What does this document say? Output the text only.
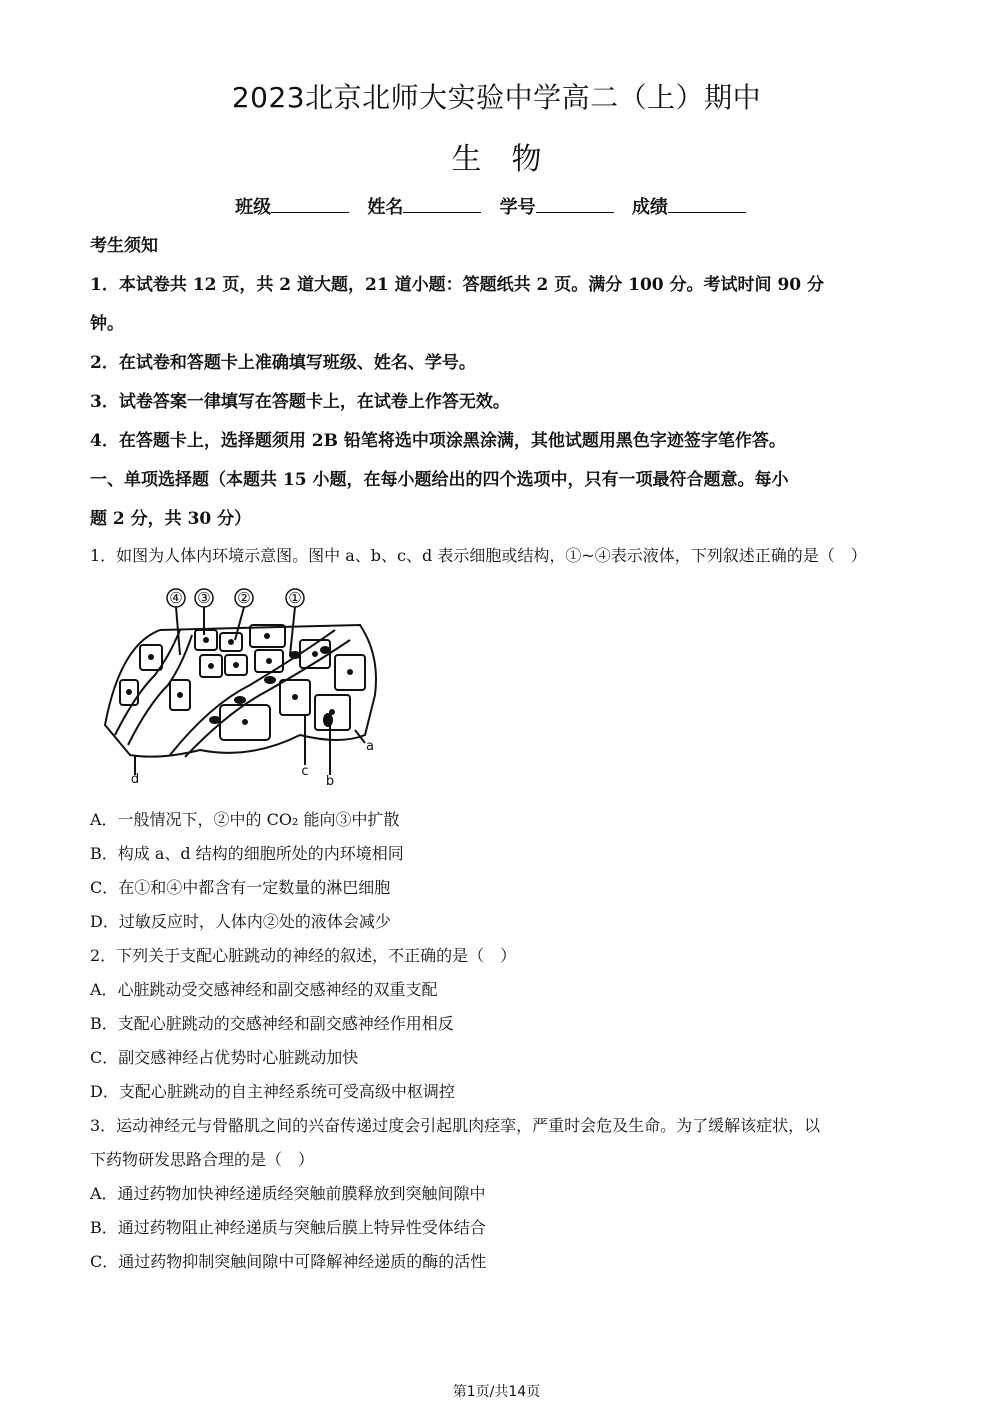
2023北京北师大实验中学高二（上）期中
生　物
班级	姓名	学号	成绩
考生须知
1．本试卷共 12 页，共 2 道大题，21 道小题：答题纸共 2 页。满分 100 分。考试时间 90 分
钟。
2．在试卷和答题卡上准确填写班级、姓名、学号。
3．试卷答案一律填写在答题卡上，在试卷上作答无效。
4．在答题卡上，选择题须用 2B 铅笔将选中项涂黑涂满，其他试题用黑色字迹签字笔作答。
一、单项选择题（本题共 15 小题，在每小题给出的四个选项中，只有一项最符合题意。每小
题 2 分，共 30 分）
1．如图为人体内环境示意图。图中 a、b、c、d 表示细胞或结构，①~④表示液体，下列叙述正确的是（　）
④ ③ ②	①
a
b
c
d
A．一般情况下，②中的 CO₂ 能向③中扩散
B．构成 a、d 结构的细胞所处的内环境相同
C．在①和④中都含有一定数量的淋巴细胞
D．过敏反应时，人体内②处的液体会减少
2．下列关于支配心脏跳动的神经的叙述，不正确的是（　）
A．心脏跳动受交感神经和副交感神经的双重支配
B．支配心脏跳动的交感神经和副交感神经作用相反
C．副交感神经占优势时心脏跳动加快
D．支配心脏跳动的自主神经系统可受高级中枢调控
3．运动神经元与骨骼肌之间的兴奋传递过度会引起肌肉痉挛，严重时会危及生命。为了缓解该症状，以
下药物研发思路合理的是（　）
A．通过药物加快神经递质经突触前膜释放到突触间隙中
B．通过药物阻止神经递质与突触后膜上特异性受体结合
C．通过药物抑制突触间隙中可降解神经递质的酶的活性
第1页/共14页
